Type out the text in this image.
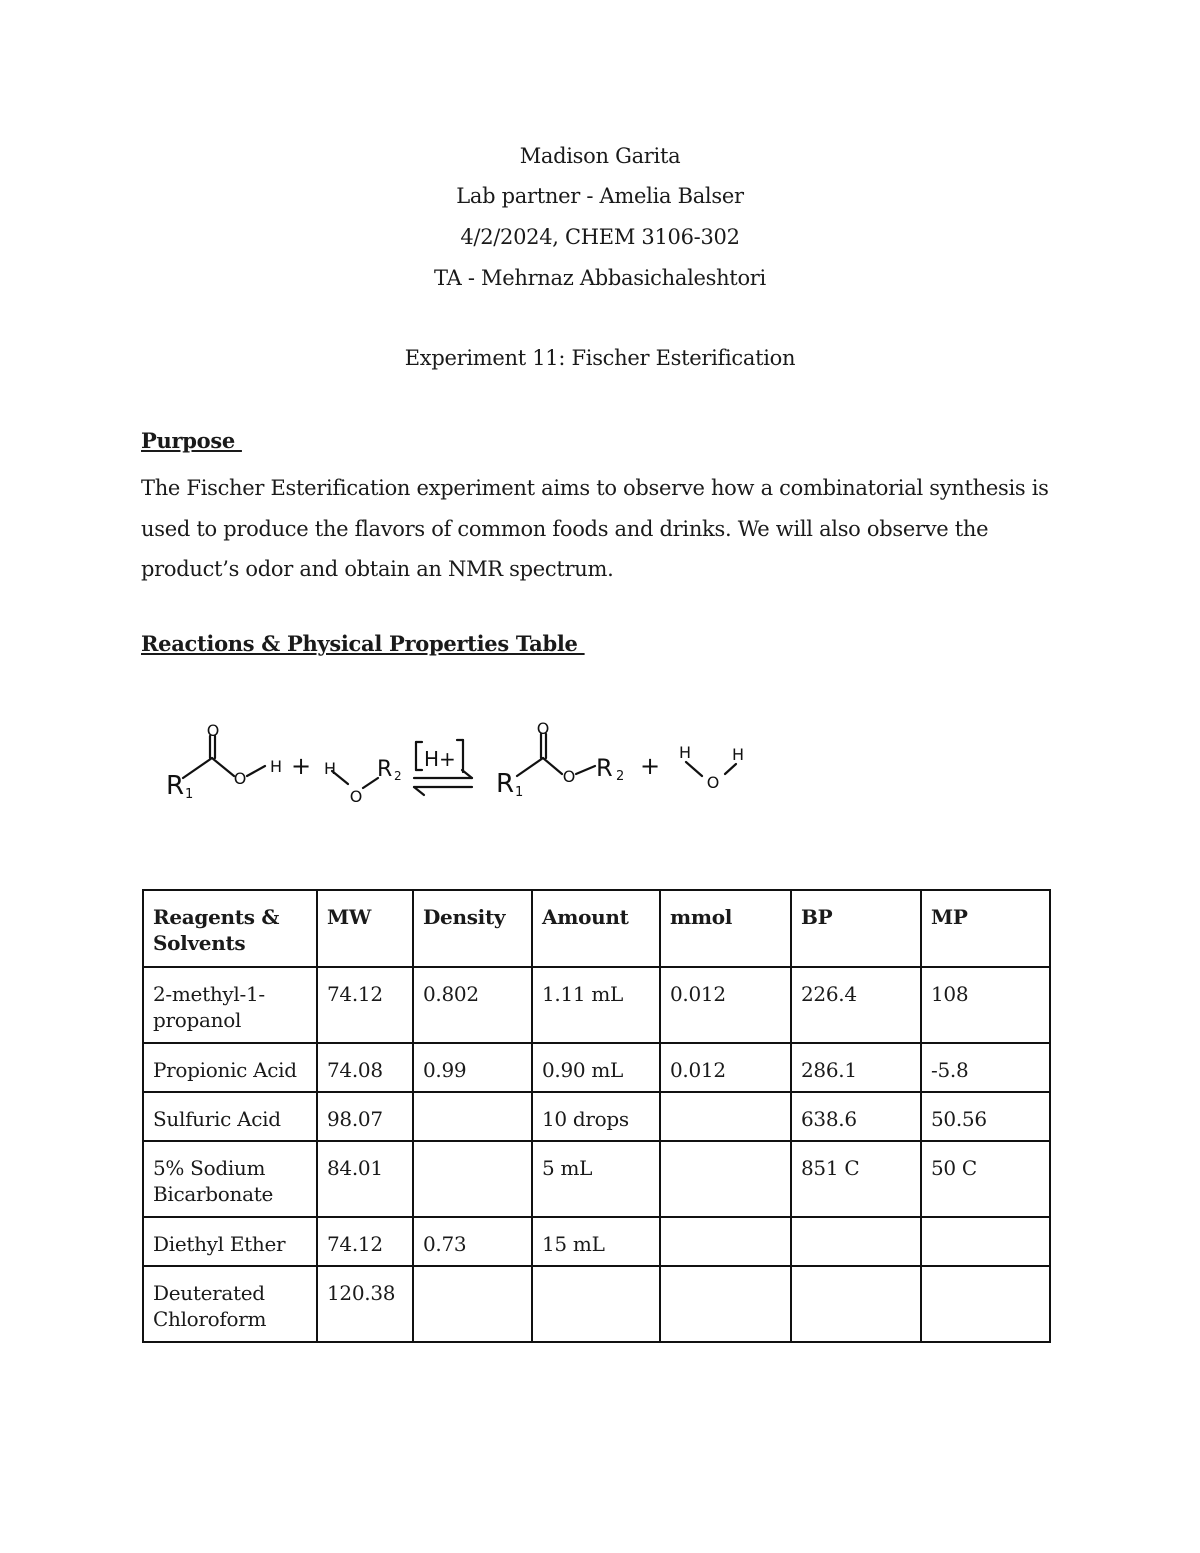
Madison Garita
Lab partner - Amelia Balser
4/2/2024, CHEM 3106-302
TA - Mehrnaz Abbasichaleshtori
Experiment 11: Fischer Esterification
Purpose
The Fischer Esterification experiment aims to observe how a combinatorial synthesis is used to produce the flavors of common foods and drinks. We will also observe the product’s odor and obtain an NMR spectrum.
Reactions & Physical Properties Table
O
R 1
O
H + H
O
R 2
H+
O
R 1
O R 2 + H
O
H
Reagents & Solvents	MW	Density	Amount	mmol	BP	MP
2-methyl-1-propanol	74.12	0.802	1.11 mL	0.012	226.4	108
Propionic Acid	74.08	0.99	0.90 mL	0.012	286.1	-5.8
Sulfuric Acid	98.07		10 drops		638.6	50.56
5% Sodium Bicarbonate	84.01		5 mL		851 C	50 C
Diethyl Ether	74.12	0.73	15 mL			
Deuterated Chloroform	120.38					
